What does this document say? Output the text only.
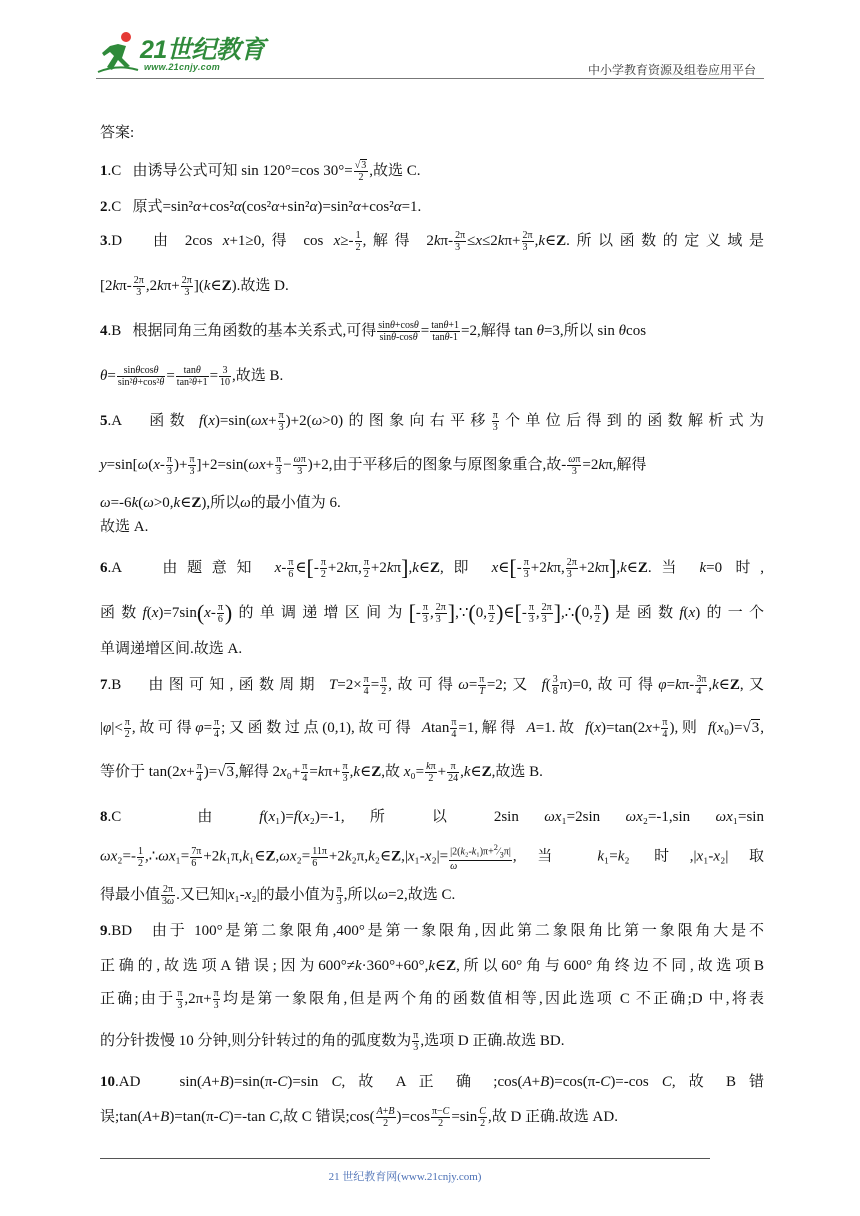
21世纪教育
www.21cnjy.com	中小学教育资源及组卷应用平台
答案:
1.C   由诱导公式可知 sin 120°=cos $30^\circ= \frac{√3}{2}$ ,故选 C.
2.C   原式=sin²α+cos²α(cos²α+sin²α)=sin²α+cos²α=1.
3.D   由 2cos x+1≥0,得 $\cos x\ge- \frac{1}{2}$ ,解得 $2k\pi- \frac{2\pi}{3} \le x\le 2k\pi+ \frac{2\pi}{3}$ ,k∈Z.所以函数的定义域是
[$2k\pi- \frac{2\pi}{3} ,2k\pi+ \frac{2\pi}{3}$ ](k∈Z).故选 D.
4.B   根据同角三角函数的基本关系式,可得 $\frac{\sin\theta+\cos\theta}{\sin\theta-\cos\theta} = \frac{\tan\theta+1}{\tan\theta-1} =2$,解得 tan θ=3,所以 sin θcos
$\theta= \frac{\sin\theta\cos\theta}{\text{sin²θ+cos²θ}} = \frac{\tan\theta}{\text{tan²θ+1}} = \frac{3}{10}$ ,故选 B.
5.A   函数 $f(x)=\sin(\omega x+ \frac{\pi}{3} )+2(\omega>0)$的图象向右平移 $\frac{\pi}{3}$ 个单位后得到的函数解析式为
$y=\sin[\omega(x- \frac{\pi}{3}$ )+ $\frac{\pi}{3} ]+2=\sin(\omega x+ \frac{\pi}{3} - \frac{\omega\pi}{3} )+2$,由于平移后的图象与原图象重合,故- $\frac{\omega\pi}{3} =2k\pi$,解得
ω=-6k(ω>0,k∈Z),所以ω的最小值为 6.
故选 A.
6.A   由题意知 $x- \frac{\pi}{6}$ ∈[- $\frac{\pi}{2} +2k\pi$, $\frac{\pi}{2}$ +2kπ],k∈Z,即 x∈[- $\frac{\pi}{3} +2k\pi$, $\frac{2\pi}{3}$ +2kπ],k∈Z.当 k=0 时,
函数$f(x)=7\sin(x- \frac{\pi}{6}$ )的单调递增区间为[- $\frac{\pi}{3}$ , $\frac{2\pi}{3}$ ],∵(0, $\frac{\pi}{2}$ )∈[- $\frac{\pi}{3}$ , $\frac{2\pi}{3}$ ],∴(0, $\frac{\pi}{2}$ )是函数f(x)的一个
单调递增区间.故选 A.
7.B   由图可知,函数周期 $T=2\times \frac{\pi}{4} = \frac{\pi}{2}$ ,故可得$\omega= \frac{\pi}{T} =2$;又 $f( \frac{3}{8} \pi)=0$,故可得$\varphi=k\pi- \frac{3\pi}{4}$ ,k∈Z,又
$|\varphi|< \frac{\pi}{2}$ ,故可得$\varphi= \frac{\pi}{4}$ ;又函数过点(0,1),故可得 Atan $\frac{\pi}{4} =1$,解得 A=1.故 $f(x)=\tan(2x+ \frac{\pi}{4}$ ),则 f(x₀)=√3,
等价于 $\tan(2x+ \frac{\pi}{4} )=√3$,解得 $2x_0+ \frac{\pi}{4} =k\pi+ \frac{\pi}{3}$ ,k∈Z,故 $x_0= \frac{k\pi}{2} + \frac{\pi}{24}$ ,k∈Z,故选 B.
8.C   由 f(x₁)=f(x₂)=-1, 所 以 2sin ωx₁=2sin ωx₂=-1,sin ωx₁=sin
$\omega x_2=- \frac{1}{2}$ ,∴ωx₁= $\frac{7\pi}{6}$ +2k₁π,k₁∈Z,ωx₂= $\frac{11\pi}{6}$ +2k₂π,k₂∈Z,|x₁-x₂|= $\frac{|2(k_2-k_1)\pi+^2⁄_3\pi|}{\omega}$ ,当 k₁=k₂ 时,|x₁-x₂|取
得最小值 $\frac{2\pi}{3\omega}$ .又已知|x₁-x₂|的最小值为 $\frac{\pi}{3}$ ,所以ω=2,故选 C.
9.BD   由于 100°是第二象限角,400°是第一象限角,因此第二象限角比第一象限角大是不
正确的,故选项A错误;因为600°≠k·360°+60°,k∈Z,所以60°角与600°角终边不同,故选项B
正确;由于 $\frac{\pi}{3} ,2\pi+ \frac{\pi}{3}$ 均是第一象限角,但是两个角的函数值相等,因此选项 C 不正确;D 中,将表
的分针拨慢 10 分钟,则分针转过的角的弧度数为 $\frac{\pi}{3}$ ,选项 D 正确.故选 BD.
10.AD   sin(A+B)=sin(π-C)=sin C, 故 A 正 确 ;cos(A+B)=cos(π-C)=-cos C, 故 B 错
误;tan(A+B)=tan(π-C)=-tan C,故 C 错误;cos( $\frac{A+B}{2} )=\cos \frac{\pi-C}{2} =\sin \frac{C}{2}$ ,故 D 正确.故选 AD.
21 世纪教育网(www.21cnjy.com)
